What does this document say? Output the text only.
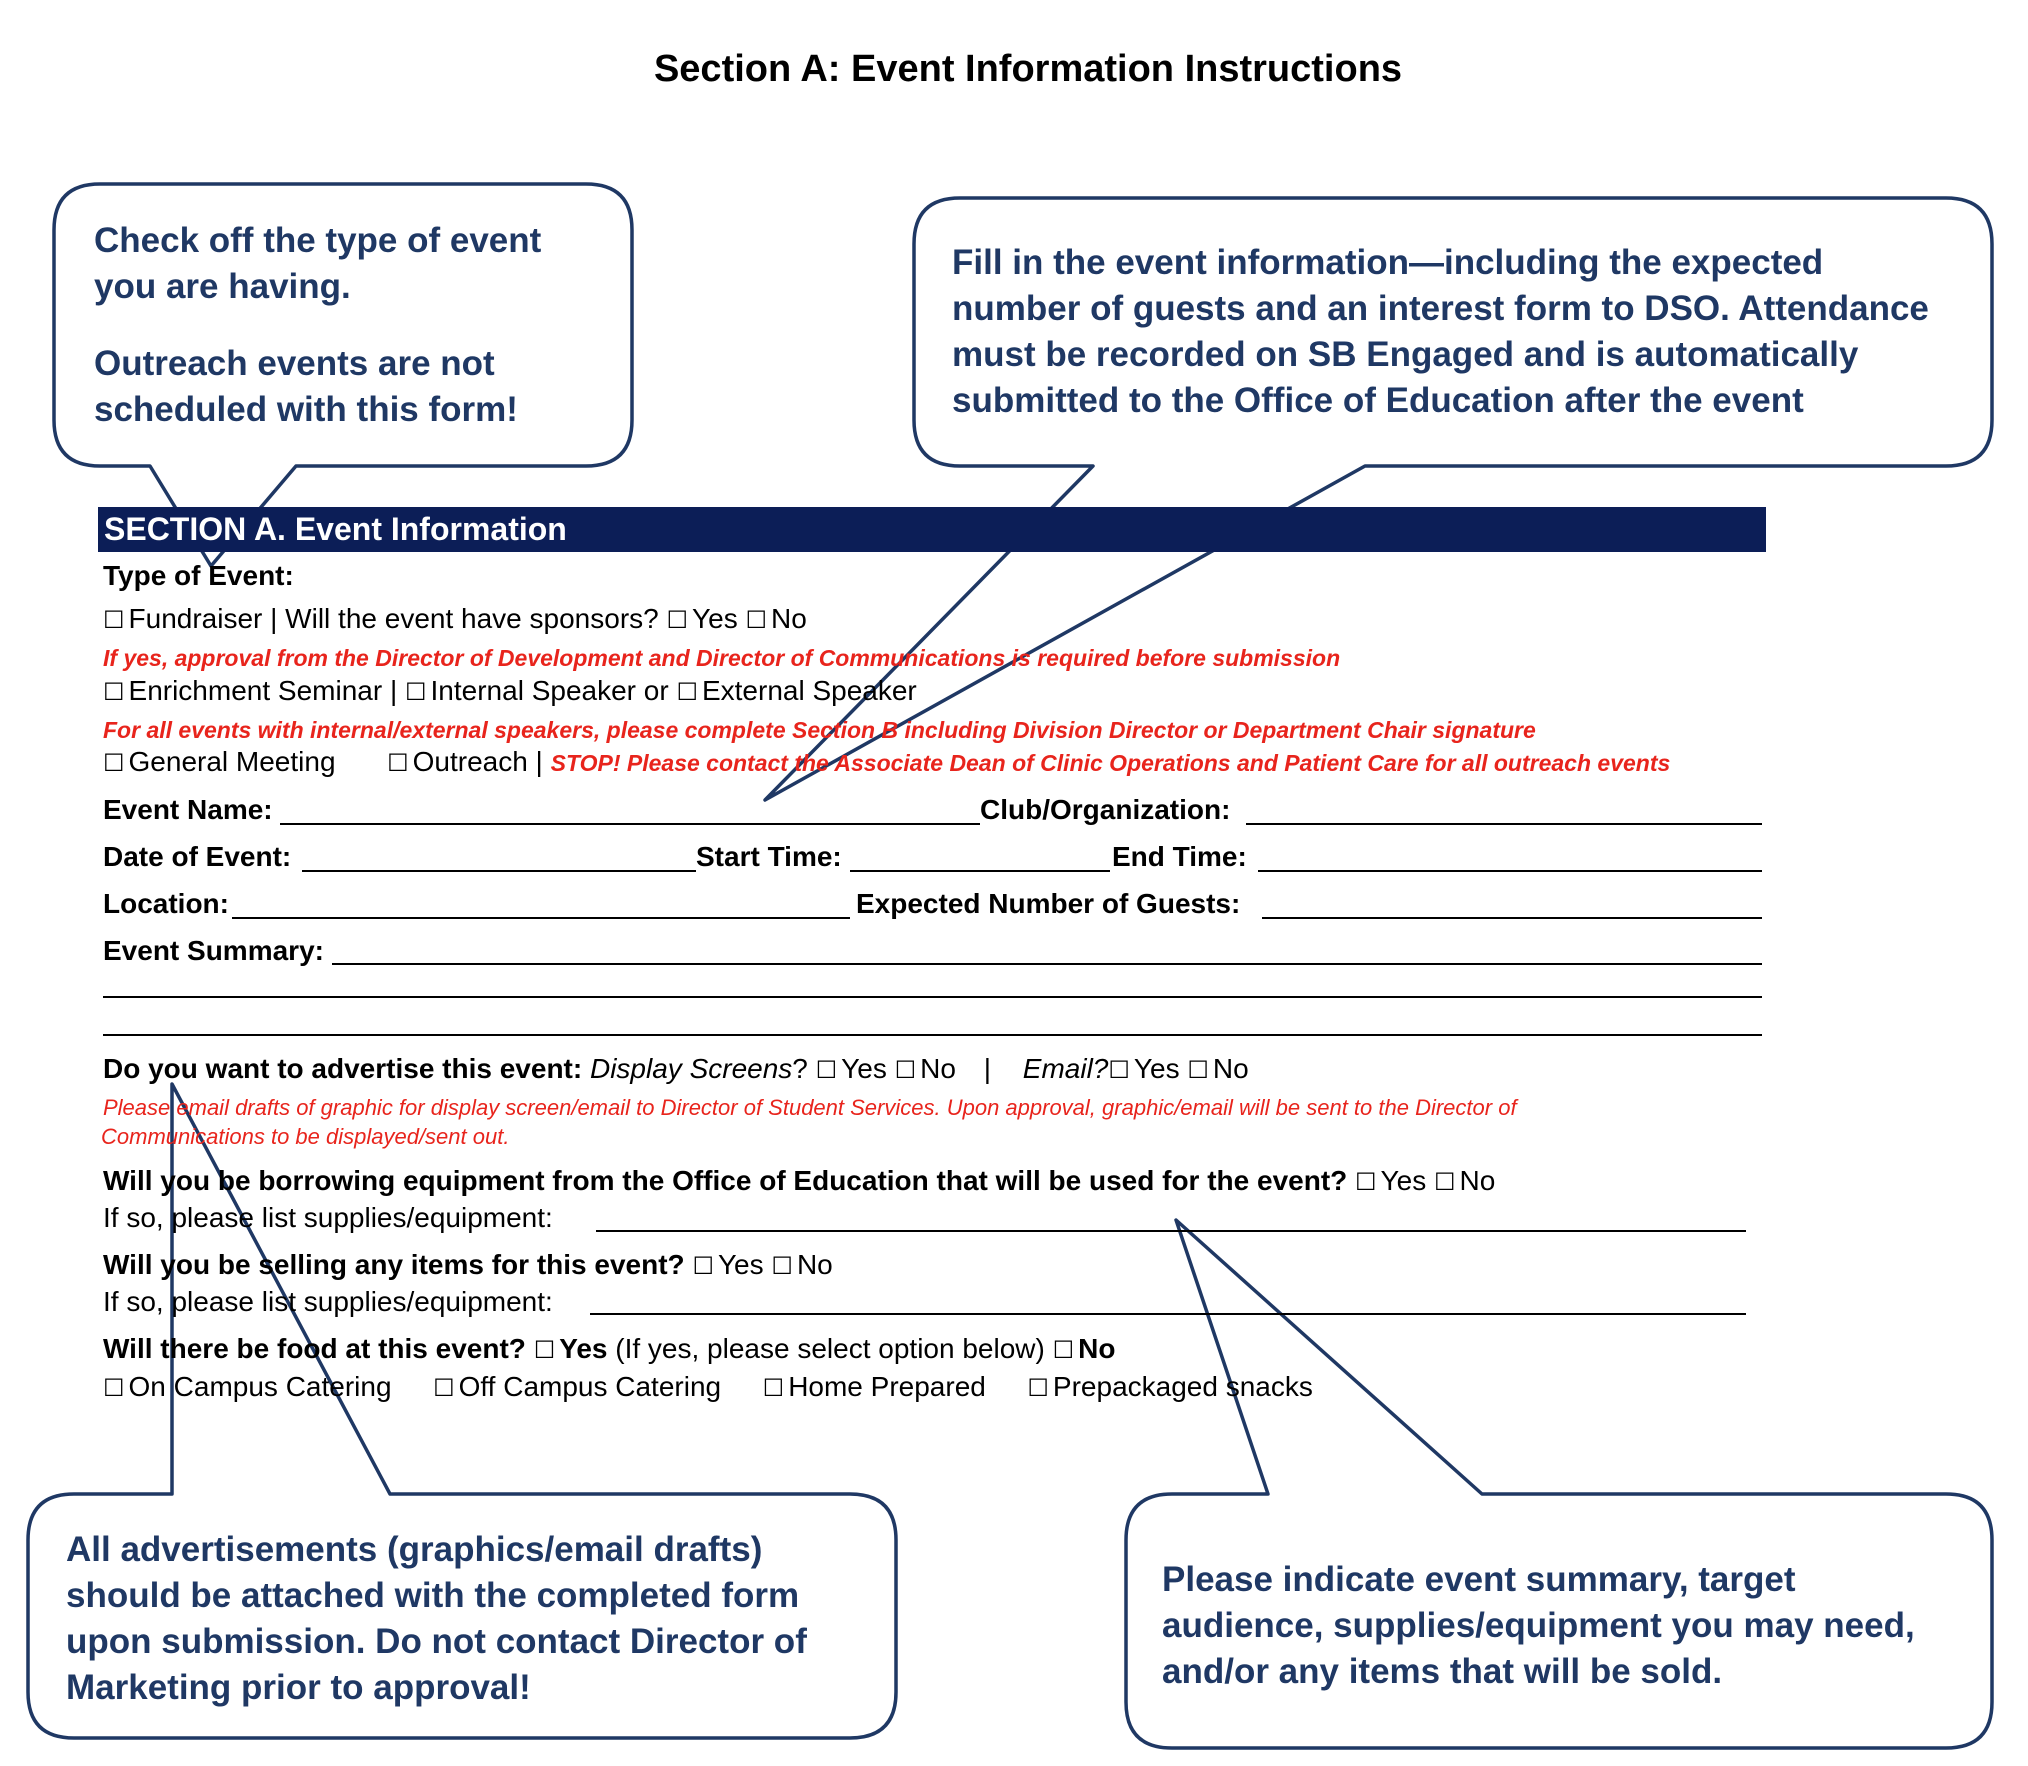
Section A: Event Information Instructions

Check off the type of event

you are having.

Outreach events are not

scheduled with this form!

Fill in the event information—including the expected

number of guests and an interest form to DSO. Attendance

must be recorded on SB Engaged and is automatically

submitted to the Office of Education after the event

All advertisements (graphics/email drafts)

should be attached with the completed form

upon submission. Do not contact Director of

Marketing prior to approval!

Please indicate event summary, target

audience, supplies/equipment you may need,

and/or any items that will be sold.

SECTION A. Event Information
Type of Event:
☐ Fundraiser | Will the event have sponsors? ☐ Yes ☐ No
If yes, approval from the Director of Development and Director of Communications is required before submission
☐ Enrichment Seminar | ☐ Internal Speaker or ☐ External Speaker
For all events with internal/external speakers, please complete Section B including Division Director or Department Chair signature
☐ General Meeting ☐ Outreach | STOP! Please contact the Associate Dean of Clinic Operations and Patient Care for all outreach events
Event Name:	Club/Organization:
Date of Event:	Start Time:	End Time:
Location:	Expected Number of Guests:
Event Summary:
Do you want to advertise this event: Display Screens? ☐ Yes ☐ No | Email?☐ Yes ☐ No
Please email drafts of graphic for display screen/email to Director of Student Services. Upon approval, graphic/email will be sent to the Director of
Communications to be displayed/sent out.
Will you be borrowing equipment from the Office of Education that will be used for the event? ☐ Yes ☐ No
If so, please list supplies/equipment:
Will you be selling any items for this event? ☐ Yes ☐ No
If so, please list supplies/equipment:
Will there be food at this event? ☐ Yes (If yes, please select option below) ☐ No
☐ On Campus Catering ☐ Off Campus Catering ☐ Home Prepared ☐ Prepackaged snacks
